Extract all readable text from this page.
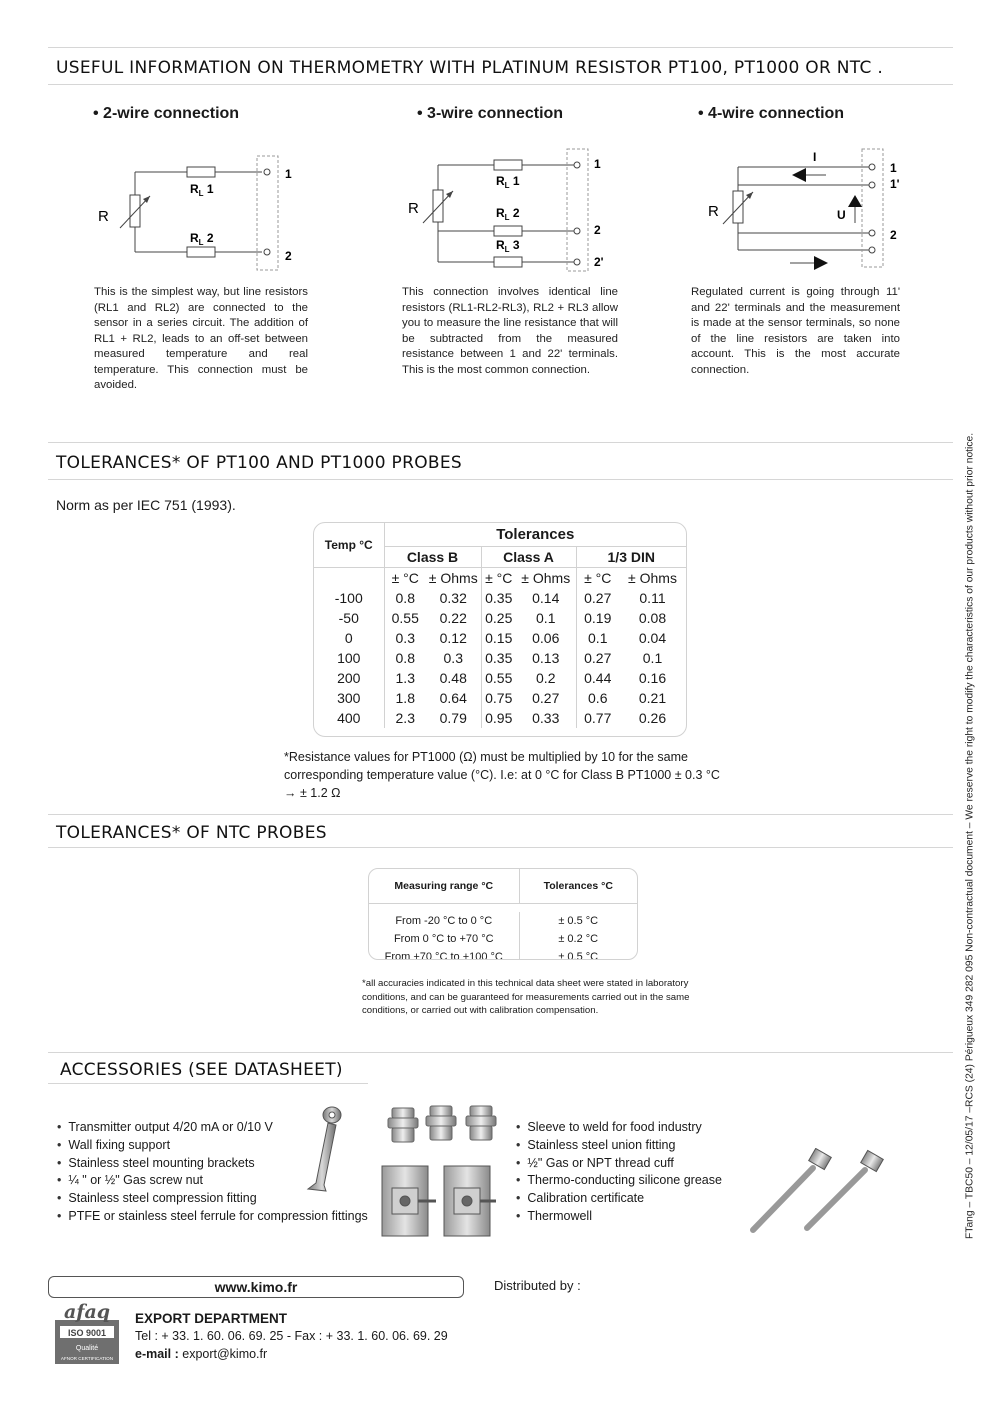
USEFUL INFORMATION ON THERMOMETRY WITH PLATINUM RESISTOR PT100, PT1000 OR NTC .
• 2-wire connection	• 3-wire connection	• 4-wire connection
R
$R_L$ 1
$R_L$ 2
1
2
R
$R_L$ 1
$R_L$ 2
$R_L$ 3
1
2
2'
R
I
U
1
1'
2
This is the simplest way, but line resistors (RL1 and RL2) are connected to the sensor in a series circuit. The addition of RL1 + RL2, leads to an off-set between measured temperature and real temperature. This connection must be avoided.
This connection involves identical line resistors (RL1-RL2-RL3), RL2 + RL3 allow you to measure the line resistance that will be subtracted from the measured resistance between 1 and 22' terminals. This is the most common connection.
Regulated current is going through 11' and 22' terminals and the measurement is made at the sensor terminals, so none of the line resistors are taken into account. This is the most accurate connection.
TOLERANCES* OF PT100 AND PT1000 PROBES
Norm as per IEC 751 (1993).
Temp °C	Tolerances					
	Class B		Class A		1/3 DIN	
	± °C	± Ohms	± °C	± Ohms	± °C	± Ohms
-100	0.8	0.32	0.35	0.14	0.27	0.11
-50	0.55	0.22	0.25	0.1	0.19	0.08
0	0.3	0.12	0.15	0.06	0.1	0.04
100	0.8	0.3	0.35	0.13	0.27	0.1
200	1.3	0.48	0.55	0.2	0.44	0.16
300	1.8	0.64	0.75	0.27	0.6	0.21
400	2.3	0.79	0.95	0.33	0.77	0.26
*Resistance values for PT1000 (Ω) must be multiplied by 10 for the same corresponding temperature value (°C). I.e: at 0 °C for Class B PT1000 ± 0.3 °C → ± 1.2 Ω
TOLERANCES* OF NTC PROBES
Measuring range °C	Tolerances °C

From -20 °C to 0 °C	± 0.5 °C
From 0 °C to +70 °C	± 0.2 °C
From +70 °C to +100 °C	± 0.5 °C
*all accuracies indicated in this technical data sheet were stated in laboratory conditions, and can be guaranteed for measurements carried out in the same conditions, or carried out with calibration compensation.
ACCESSORIES (SEE DATASHEET)
• Transmitter output 4/20 mA or 0/10 V
• Wall fixing support
• Stainless steel mounting brackets
• ¼ " or ½" Gas screw nut
• Stainless steel compression fitting
• PTFE or stainless steel ferrule for compression fittings
• Sleeve to weld for food industry
• Stainless steel union fitting
• ½" Gas or NPT thread cuff
• Thermo-conducting silicone grease
• Calibration certificate
• Thermowell	FTang – TBC50 – 12/05/17 –RCS (24) Périgueux 349 282 095 Non-contractual document – We reserve the right to modify the characteristics of our products without prior notice.
www.kimo.fr	Distributed by :
afaq
ISO 9001
Qualité
AFNOR CERTIFICATION
EXPORT DEPARTMENT
Tel : + 33. 1. 60. 06. 69. 25 - Fax : + 33. 1. 60. 06. 69. 29
e-mail : export@kimo.fr
